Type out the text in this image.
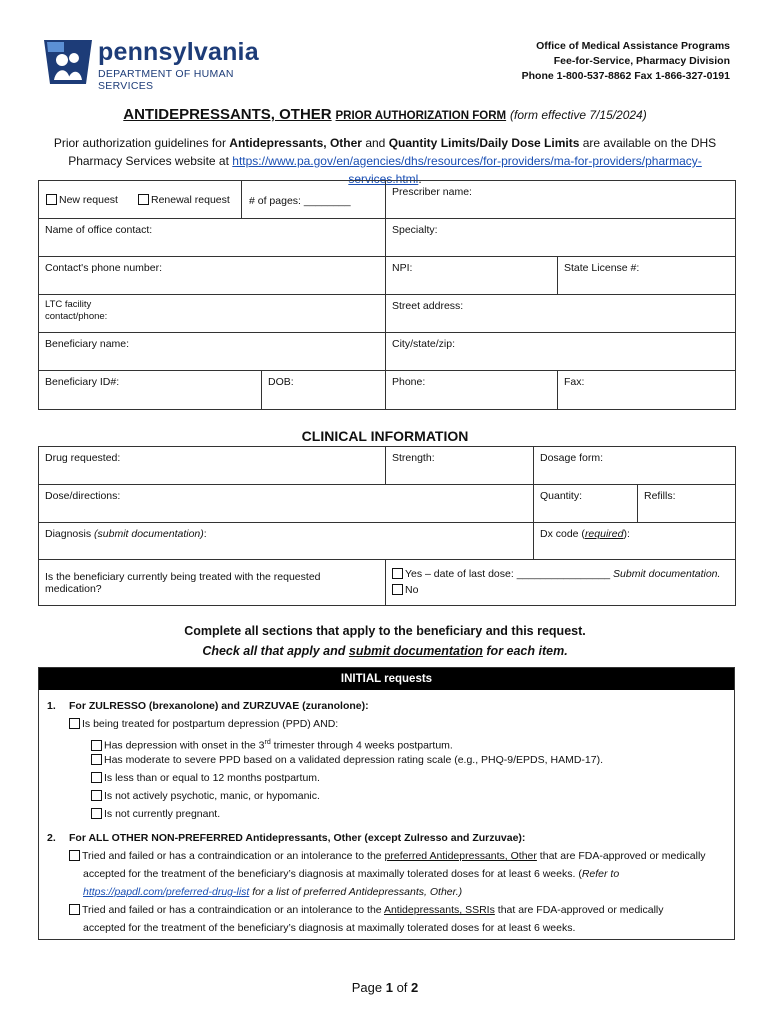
pennsylvania
DEPARTMENT OF HUMAN SERVICES
Office of Medical Assistance Programs
Fee-for-Service, Pharmacy Division
Phone 1-800-537-8862 Fax 1-866-327-0191
ANTIDEPRESSANTS, OTHER PRIOR AUTHORIZATION FORM (form effective 7/15/2024)
Prior authorization guidelines for Antidepressants, Other and Quantity Limits/Daily Dose Limits are available on the DHS Pharmacy Services website at https://www.pa.gov/en/agencies/dhs/resources/for-providers/ma-for-providers/pharmacy-services.html.
New request Renewal request # of pages: ________	Prescriber name:	
Name of office contact:	Specialty:	
Contact's phone number:	NPI:	State License #:

LTC facility
contact/phone:	Street address:	
Beneficiary name:	City/state/zip:	

Beneficiary ID#: DOB:	Phone:	Fax:
CLINICAL INFORMATION
Drug requested:	Strength:	Dosage form:	
Dose/directions:		Quantity:	Refills:
Diagnosis (submit documentation):		Dx code (required):	
Is the beneficiary currently being treated with the requested medication?	Yes – date of last dose: ________________ Submit documentation.
No		
Complete all sections that apply to the beneficiary and this request.
Check all that apply and submit documentation for each item.
INITIAL requests
1. For ZULRESSO (brexanolone) and ZURZUVAE (zuranolone):
Is being treated for postpartum depression (PPD) AND:
Has depression with onset in the 3rd trimester through 4 weeks postpartum.
Has moderate to severe PPD based on a validated depression rating scale (e.g., PHQ-9/EPDS, HAMD-17).
Is less than or equal to 12 months postpartum.
Is not actively psychotic, manic, or hypomanic.
Is not currently pregnant.
2. For ALL OTHER NON-PREFERRED Antidepressants, Other (except Zulresso and Zurzuvae):
Tried and failed or has a contraindication or an intolerance to the preferred Antidepressants, Other that are FDA-approved or medically
accepted for the treatment of the beneficiary’s diagnosis at maximally tolerated doses for at least 6 weeks. (Refer to
https://papdl.com/preferred-drug-list for a list of preferred Antidepressants, Other.)
Tried and failed or has a contraindication or an intolerance to the Antidepressants, SSRIs that are FDA-approved or medically
accepted for the treatment of the beneficiary’s diagnosis at maximally tolerated doses for at least 6 weeks.
Page 1 of 2
